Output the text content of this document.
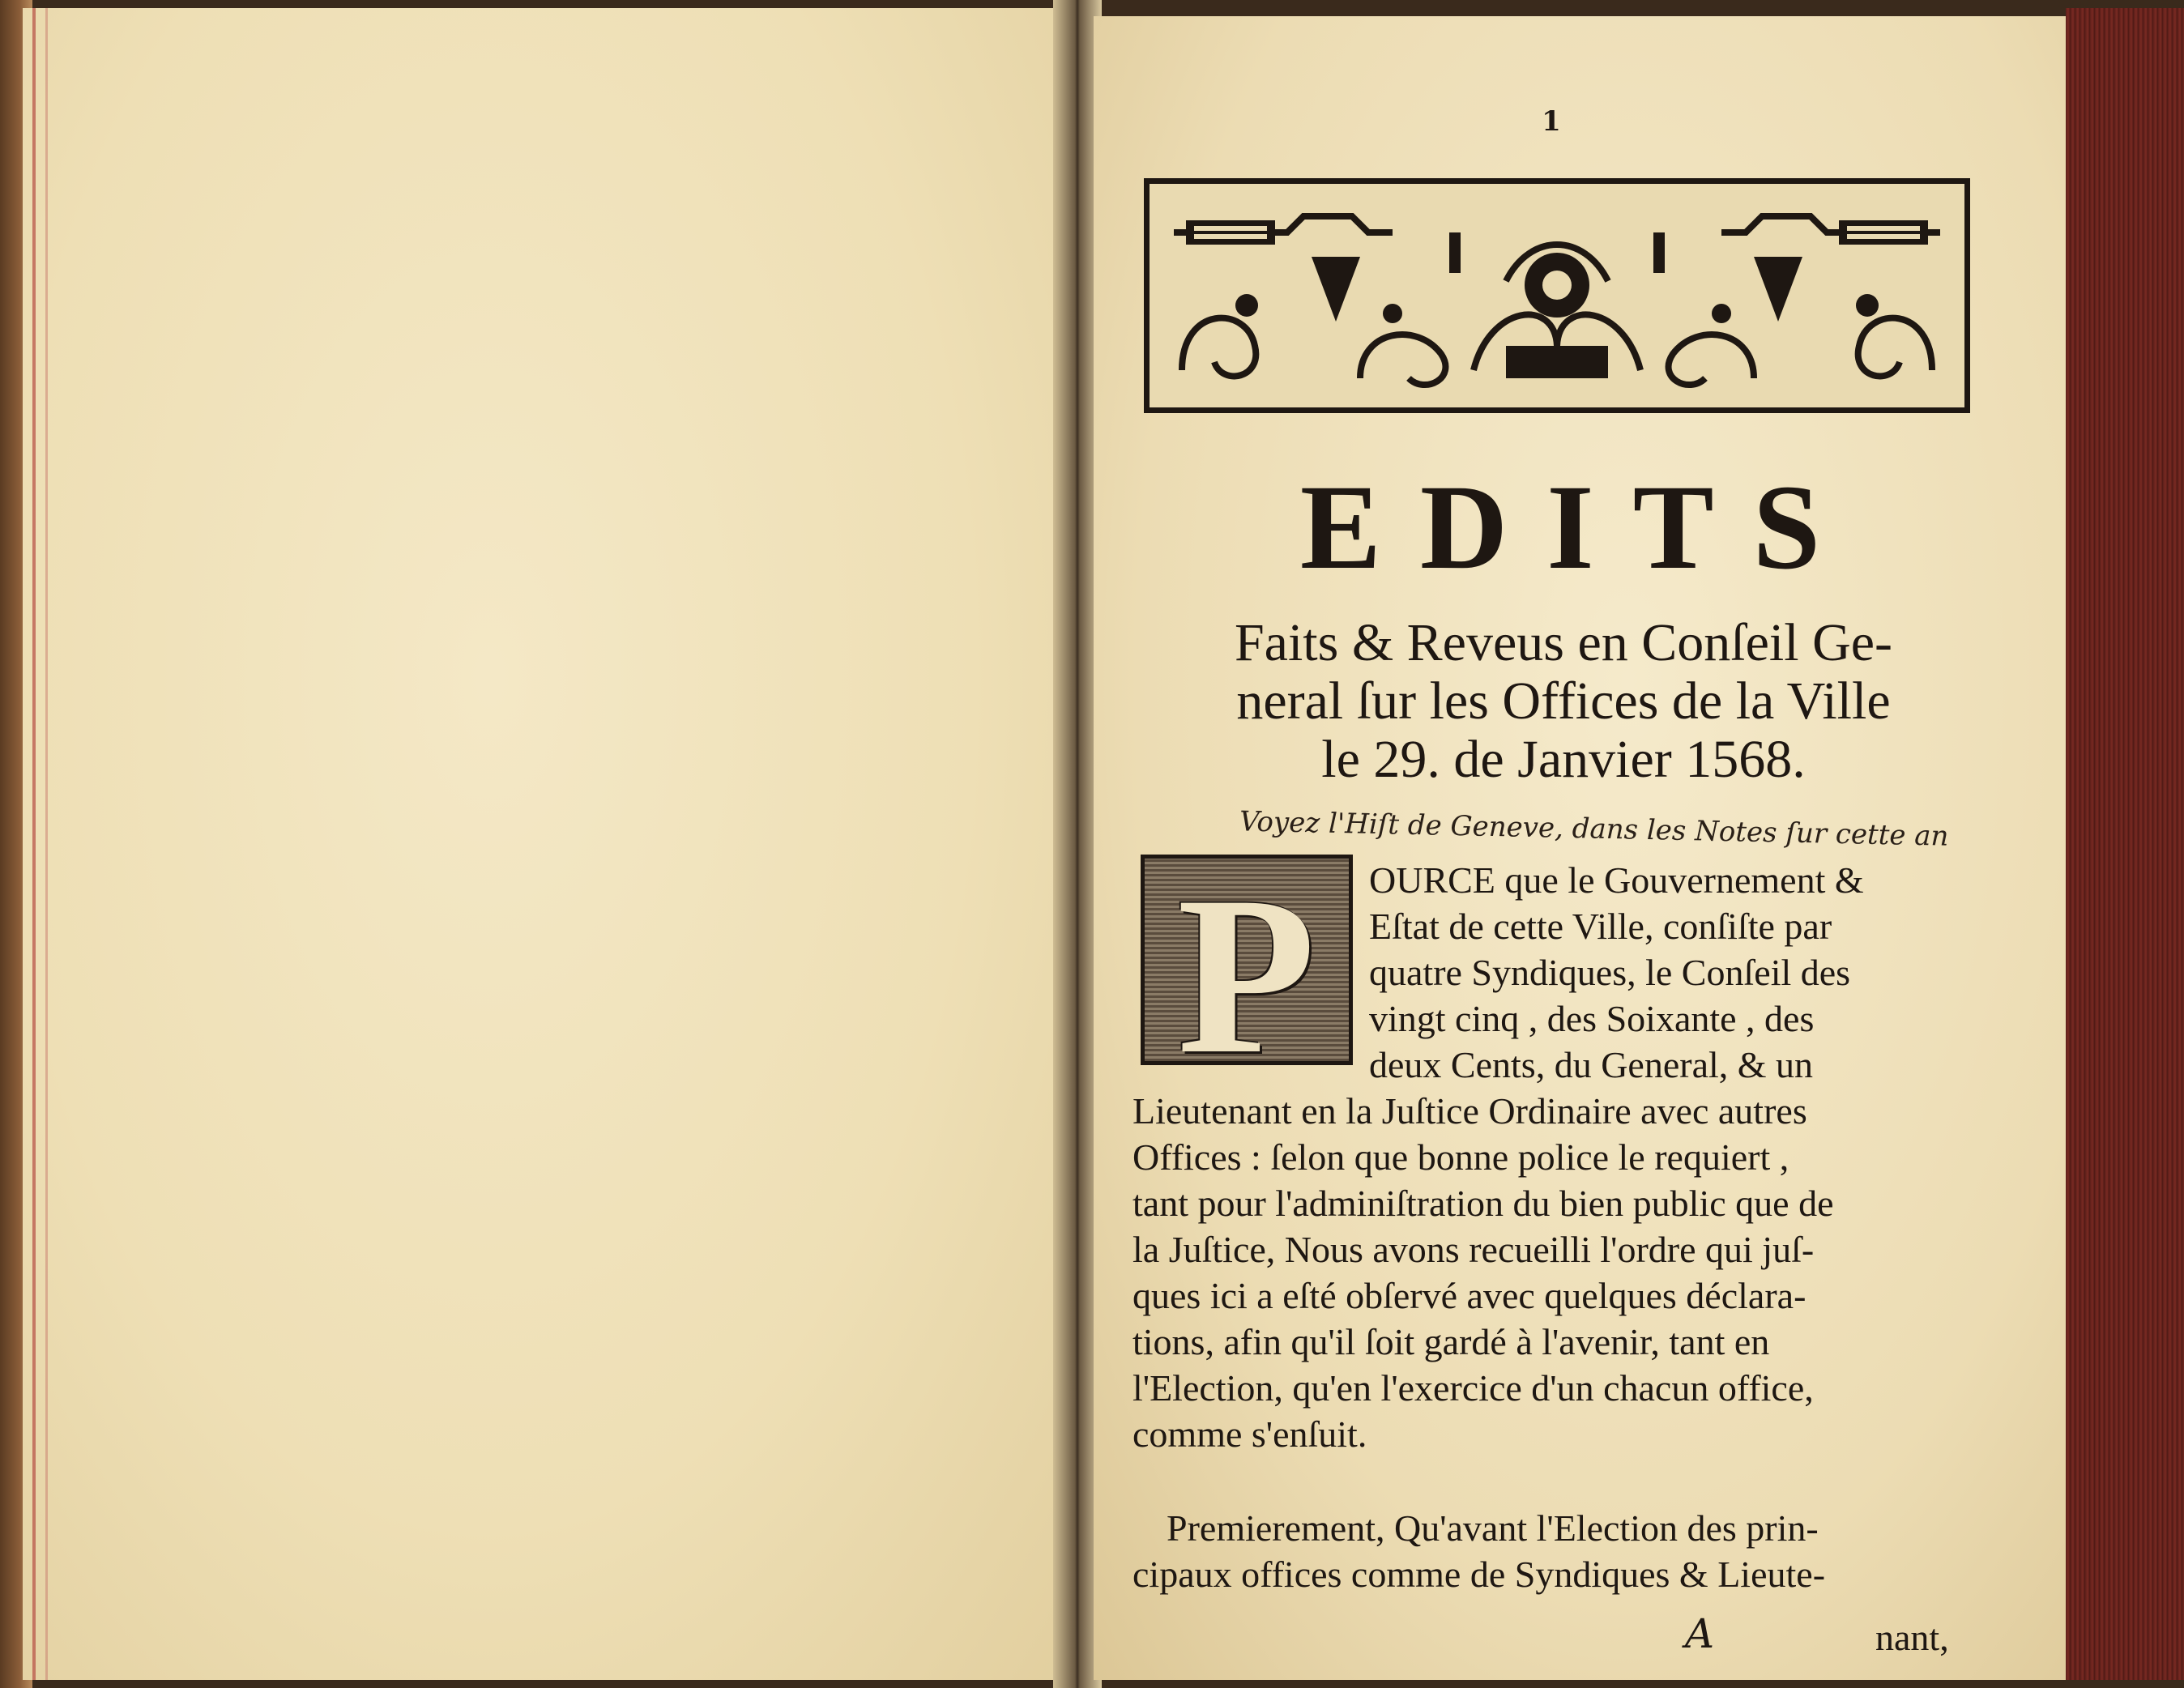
1
EDITS
Faits & Reveus en Conſeil Ge-
neral ſur les Offices de la Ville
le 29. de Janvier 1568.
Voyez l'Hiſt de Geneve, dans les Notes ſur cette an
P OURCE que le Gouvernement &
Eſtat de cette Ville, conſiſte par
quatre Syndiques, le Conſeil des
vingt cinq , des Soixante , des
deux Cents, du General, & un
Lieutenant en la Juſtice Ordinaire avec autres
Offices : ſelon que bonne police le requiert ,
tant pour l'adminiſtration du bien public que de
la Juſtice, Nous avons recueilli l'ordre qui juſ-
ques ici a eſté obſervé avec quelques déclara-
tions, afin qu'il ſoit gardé à l'avenir, tant en
l'Election, qu'en l'exercice d'un chacun office,
comme s'enſuit.
Premierement, Qu'avant l'Election des prin-
cipaux offices comme de Syndiques & Lieute-
A	nant,
